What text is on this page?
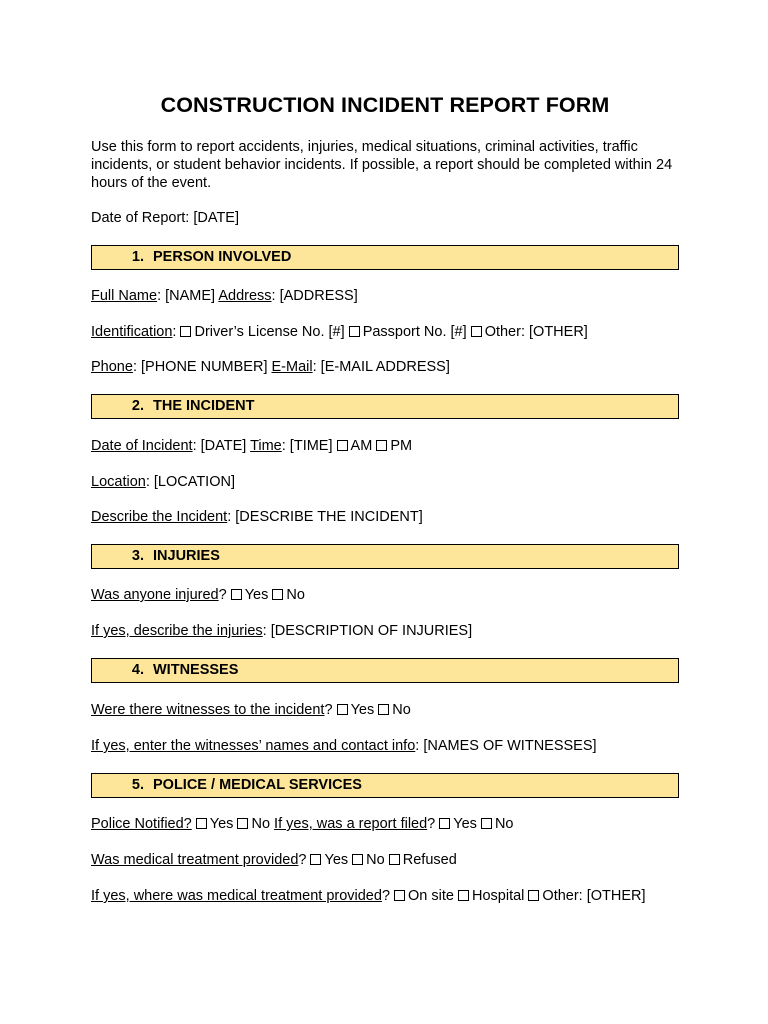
CONSTRUCTION INCIDENT REPORT FORM

Use this form to report accidents, injuries, medical situations, criminal activities, traffic incidents, or student behavior incidents. If possible, a report should be completed within 24 hours of the event.

Date of Report: [DATE]

1. PERSON INVOLVED

Full Name: [NAME] Address: [ADDRESS]

Identification: Driver’s License No. [#] Passport No. [#] Other: [OTHER]

Phone: [PHONE NUMBER] E-Mail: [E-MAIL ADDRESS]

2. THE INCIDENT

Date of Incident: [DATE] Time: [TIME] AM PM

Location: [LOCATION]

Describe the Incident: [DESCRIBE THE INCIDENT]

3. INJURIES

Was anyone injured? Yes No

If yes, describe the injuries: [DESCRIPTION OF INJURIES]

4. WITNESSES

Were there witnesses to the incident? Yes No

If yes, enter the witnesses’ names and contact info: [NAMES OF WITNESSES]

5. POLICE / MEDICAL SERVICES

Police Notified? Yes No If yes, was a report filed? Yes No

Was medical treatment provided? Yes No Refused

If yes, where was medical treatment provided? On site Hospital Other: [OTHER]
